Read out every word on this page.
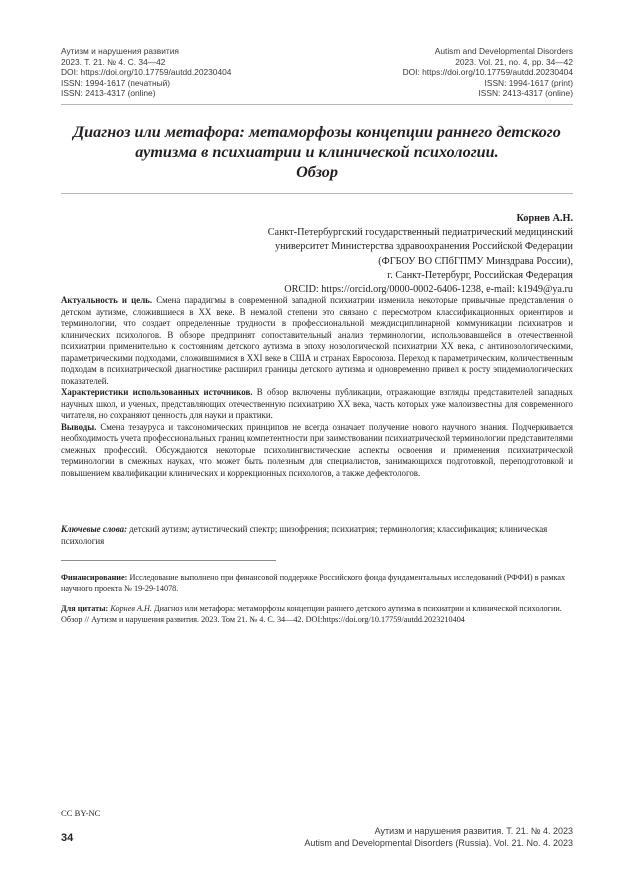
Аутизм и нарушения развития
2023. Т. 21. № 4. С. 34—42
DOI: https://doi.org/10.17759/autdd.20230404
ISSN: 1994-1617 (печатный)
ISSN: 2413-4317 (online)
Autism and Developmental Disorders
2023. Vol. 21, no. 4, pp. 34—42
DOI: https://doi.org/10.17759/autdd.20230404
ISSN: 1994-1617 (print)
ISSN: 2413-4317 (online)
Диагноз или метафора: метаморфозы концепции раннего детского
аутизма в психиатрии и клинической психологии.
Обзор
Корнев А.Н.
Санкт-Петербургский государственный педиатрический медицинский
университет Министерства здравоохранения Российской Федерации
(ФГБОУ ВО СПбГПМУ Минздрава России),
г. Санкт-Петербург, Российская Федерация
ORCID: https://orcid.org/0000-0002-6406-1238, e-mail: k1949@ya.ru

Актуальность и цель. Смена парадигмы в современной западной психиатрии изменила некоторые привычные представления о детском аутизме, сложившиеся в ХХ веке. В немалой степени это связано с пересмотром классификационных ориентиров и терминологии, что создает определенные трудности в профессиональной междисциплинарной коммуникации психиатров и клинических психологов. В обзоре предпринят сопоставительный анализ терминологии, использовавшейся в отечественной психиатрии применительно к состояниям детского аутизма в эпоху нозологической психиатрии ХХ века, с антинозологическими, параметрическими подходами, сложившимися в XXI веке в США и странах Евросоюза. Переход к параметрическим, количественным подходам в психиатрической диагностике расширил границы детского аутизма и одновременно привел к росту эпидемиологических показателей.

Характеристики использованных источников. В обзор включены публикации, отражающие взгляды представителей западных научных школ, и ученых, представляющих отечественную психиатрию ХХ века, часть которых уже малоизвестны для современного читателя, но сохраняют ценность для науки и практики.

Выводы. Смена тезауруса и таксономических принципов не всегда означает получение нового научного знания. Подчеркивается необходимость учета профессиональных границ компетентности при заимствовании психиатрической терминологии представителями смежных профессий. Обсуждаются некоторые психолингвистические аспекты освоения и применения психиатрической терминологии в смежных науках, что может быть полезным для специалистов, занимающихся подготовкой, переподготовкой и повышением квалификации клинических и коррекционных психологов, а также дефектологов.

Ключевые слова: детский аутизм; аутистический спектр; шизофрения; психиатрия; терминология; классификация; клиническая психология
Финансирование: Исследование выполнено при финансовой поддержке Российского фонда фундаментальных исследований (РФФИ) в рамках научного проекта № 19-29-14078.
Для цитаты: Корнев А.Н. Диагноз или метафора: метаморфозы концепции раннего детского аутизма в психиатрии и клинической психологии. Обзор // Аутизм и нарушения развития. 2023. Том 21. № 4. С. 34—42. DOI:https://doi.org/10.17759/autdd.2023210404
CC BY-NC
34
Аутизм и нарушения развития. Т. 21. № 4. 2023
Autism and Developmental Disorders (Russia). Vol. 21. No. 4. 2023
